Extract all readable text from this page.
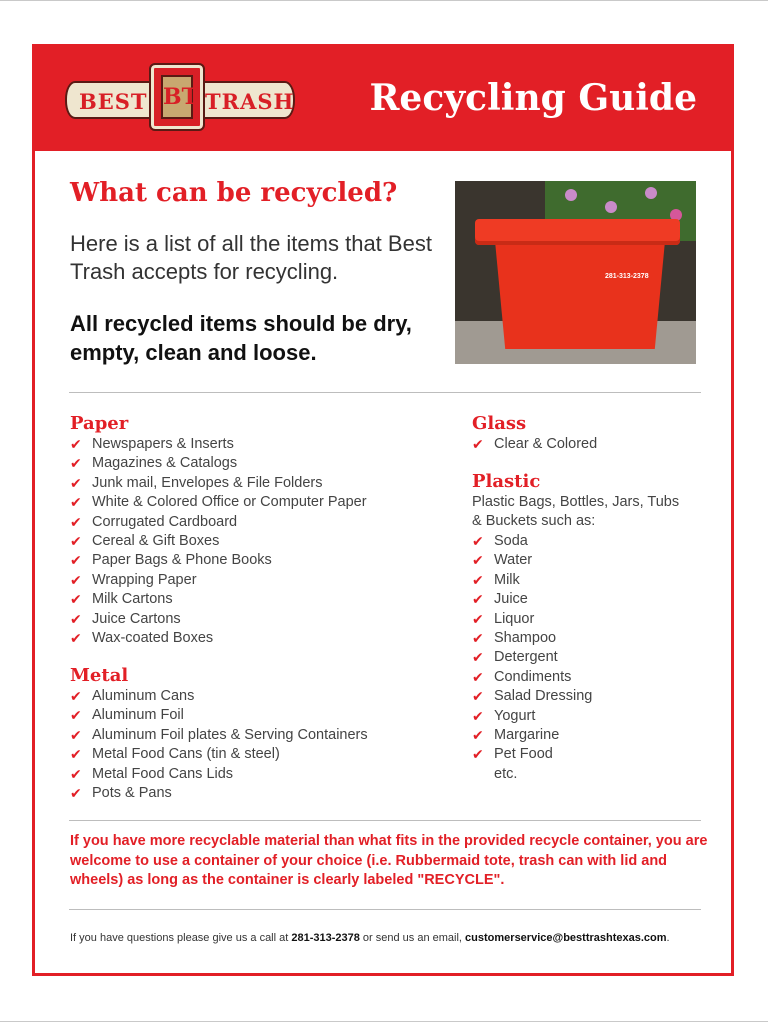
BEST	TRASH
BT	Recycling Guide
What can be recycled?

Here is a list of all the items that Best Trash accepts for recycling.

All recycled items should be dry, empty, clean and loose.

281-313-2378
Paper
✔ Newspapers & Inserts
✔ Magazines & Catalogs
✔ Junk mail, Envelopes & File Folders
✔ White & Colored Office or Computer Paper
✔ Corrugated Cardboard
✔ Cereal & Gift Boxes
✔ Paper Bags & Phone Books
✔ Wrapping Paper
✔ Milk Cartons
✔ Juice Cartons
✔ Wax-coated Boxes
Metal
✔ Aluminum Cans
✔ Aluminum Foil
✔ Aluminum Foil plates & Serving Containers
✔ Metal Food Cans (tin & steel)
✔ Metal Food Cans Lids
✔ Pots & Pans
Glass
✔ Clear & Colored
Plastic

Plastic Bags, Bottles, Jars, Tubs

& Buckets such as:

✔ Soda
✔ Water
✔ Milk
✔ Juice
✔ Liquor
✔ Shampoo
✔ Detergent
✔ Condiments
✔ Salad Dressing
✔ Yogurt
✔ Margarine
✔ Pet Food

etc.

If you have more recyclable material than what fits in the provided recycle container, you are welcome to use a container of your choice (i.e. Rubbermaid tote, trash can with lid and wheels) as long as the container is clearly labeled "RECYCLE".

If you have questions please give us a call at 281-313-2378 or send us an email, customerservice@besttrashtexas.com.
